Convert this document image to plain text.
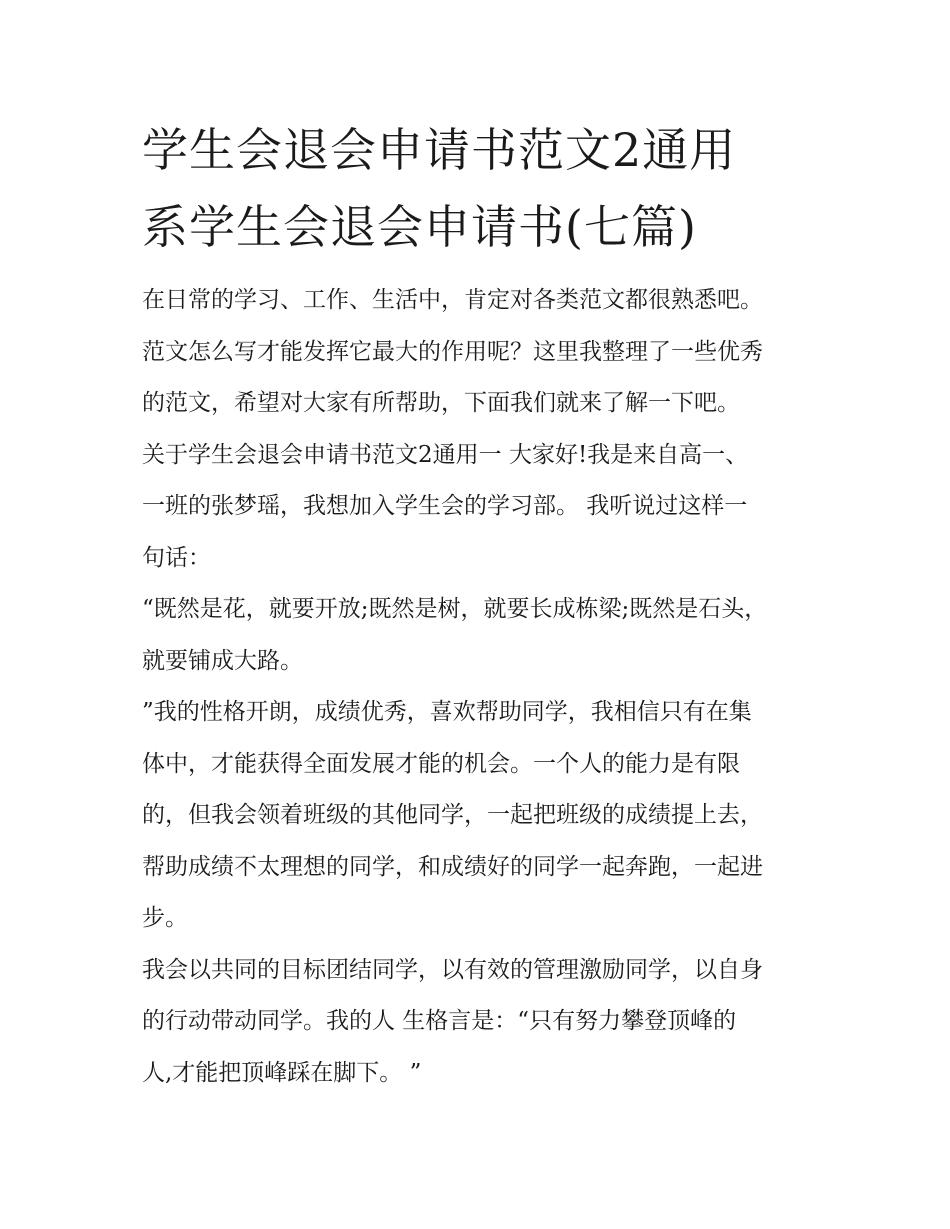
学生会退会申请书范文2通用
系学生会退会申请书(七篇)
在日常的学习、工作、生活中，肯定对各类范文都很熟悉吧。
范文怎么写才能发挥它最大的作用呢？这里我整理了一些优秀
的范文，希望对大家有所帮助，下面我们就来了解一下吧。
关于学生会退会申请书范文2通用一 大家好!我是来自高一、
一班的张梦瑶，我想加入学生会的学习部。 我听说过这样一
句话：
“既然是花，就要开放;既然是树，就要长成栋梁;既然是石头，
就要铺成大路。
”我的性格开朗，成绩优秀，喜欢帮助同学，我相信只有在集
体中，才能获得全面发展才能的机会。一个人的能力是有限
的，但我会领着班级的其他同学，一起把班级的成绩提上去，
帮助成绩不太理想的同学，和成绩好的同学一起奔跑，一起进
步。
我会以共同的目标团结同学，以有效的管理激励同学，以自身
的行动带动同学。我的人 生格言是：“只有努力攀登顶峰的
人,才能把顶峰踩在脚下。 ”
